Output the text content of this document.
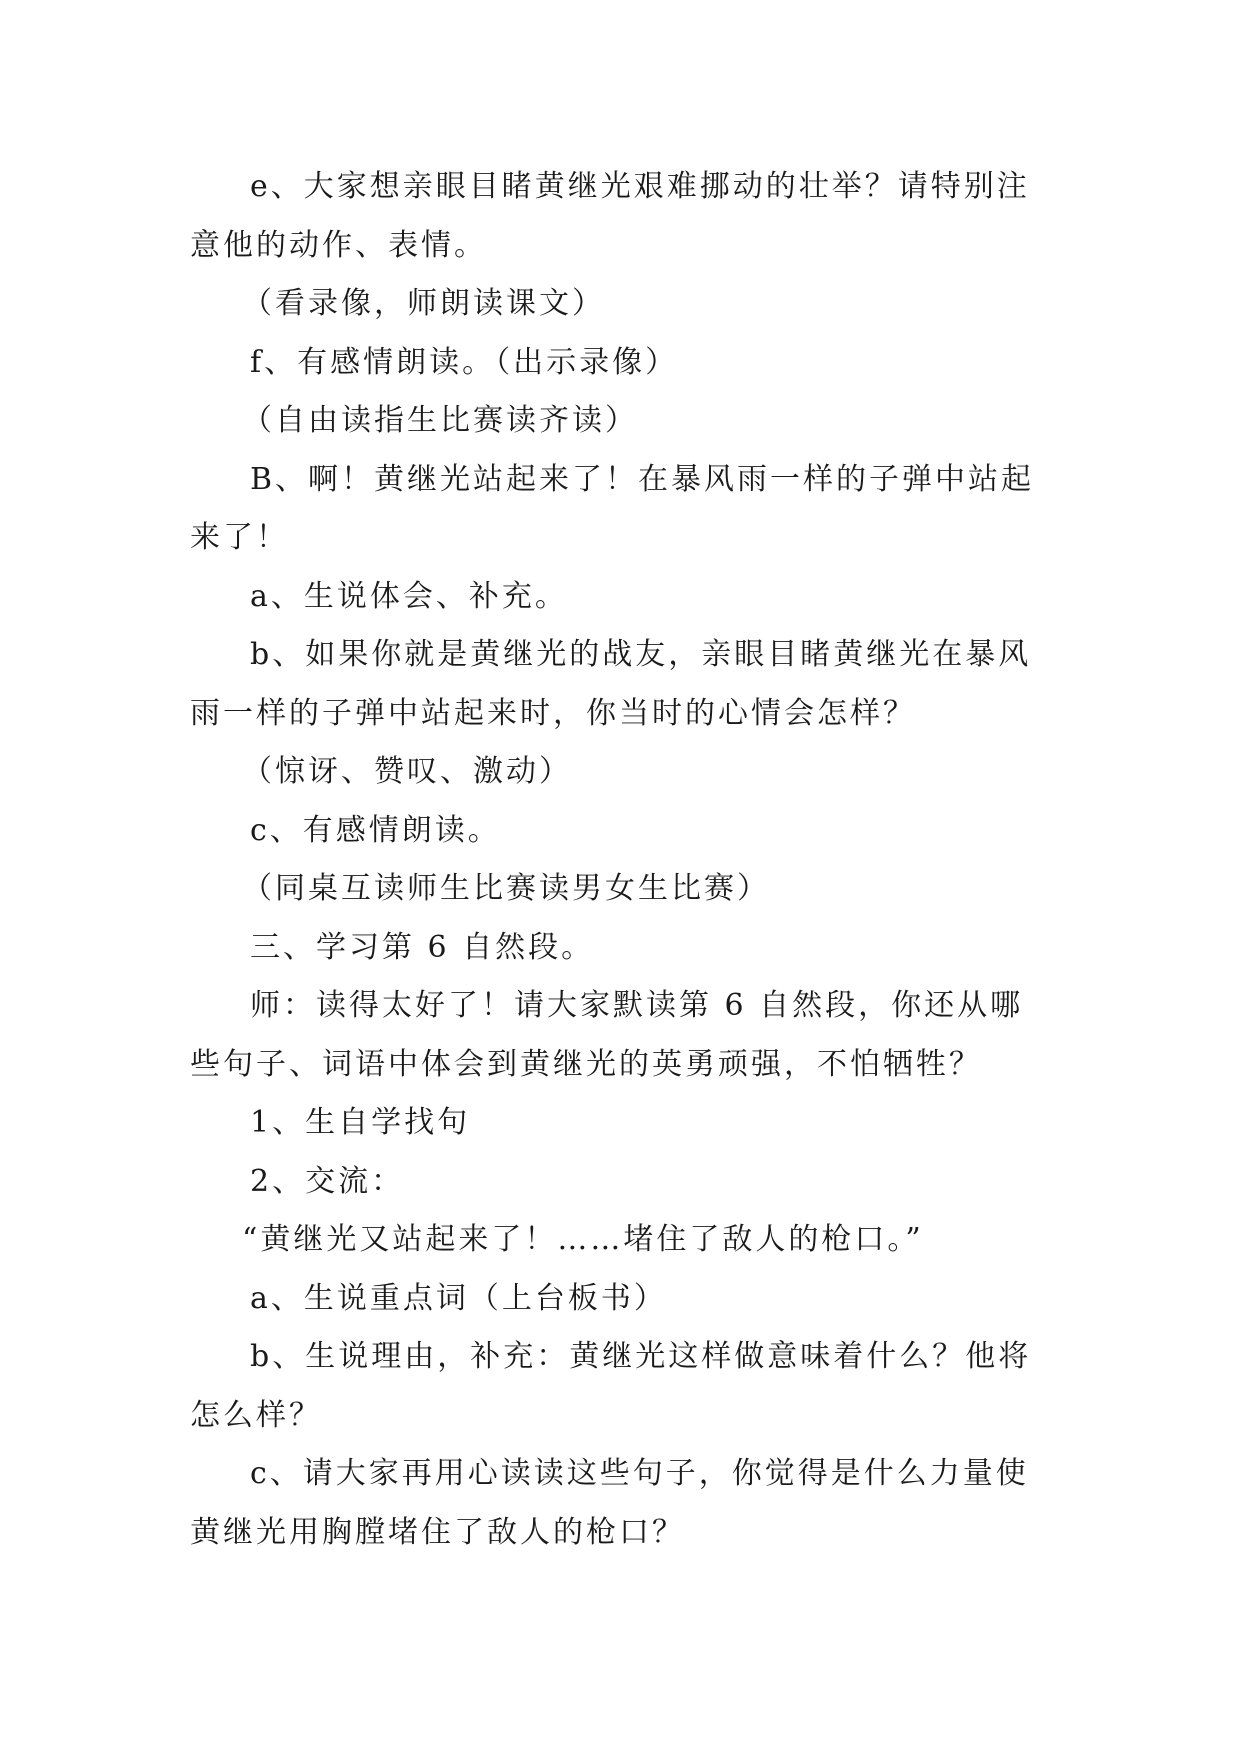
e、大家想亲眼目睹黄继光艰难挪动的壮举？请特别注意他的动作、表情。

（看录像，师朗读课文）

f、有感情朗读。（出示录像）

（自由读指生比赛读齐读）

B、啊！黄继光站起来了！在暴风雨一样的子弹中站起来了！

a、生说体会、补充。

b、如果你就是黄继光的战友，亲眼目睹黄继光在暴风雨一样的子弹中站起来时，你当时的心情会怎样？

（惊讶、赞叹、激动）

c、有感情朗读。

（同桌互读师生比赛读男女生比赛）

三、学习第 6 自然段。

师：读得太好了！请大家默读第 6 自然段，你还从哪些句子、词语中体会到黄继光的英勇顽强，不怕牺牲？

1、生自学找句

2、交流：

“黄继光又站起来了！……堵住了敌人的枪口。”

a、生说重点词（上台板书）

b、生说理由，补充：黄继光这样做意味着什么？他将怎么样？

c、请大家再用心读读这些句子，你觉得是什么力量使黄继光用胸膛堵住了敌人的枪口？
